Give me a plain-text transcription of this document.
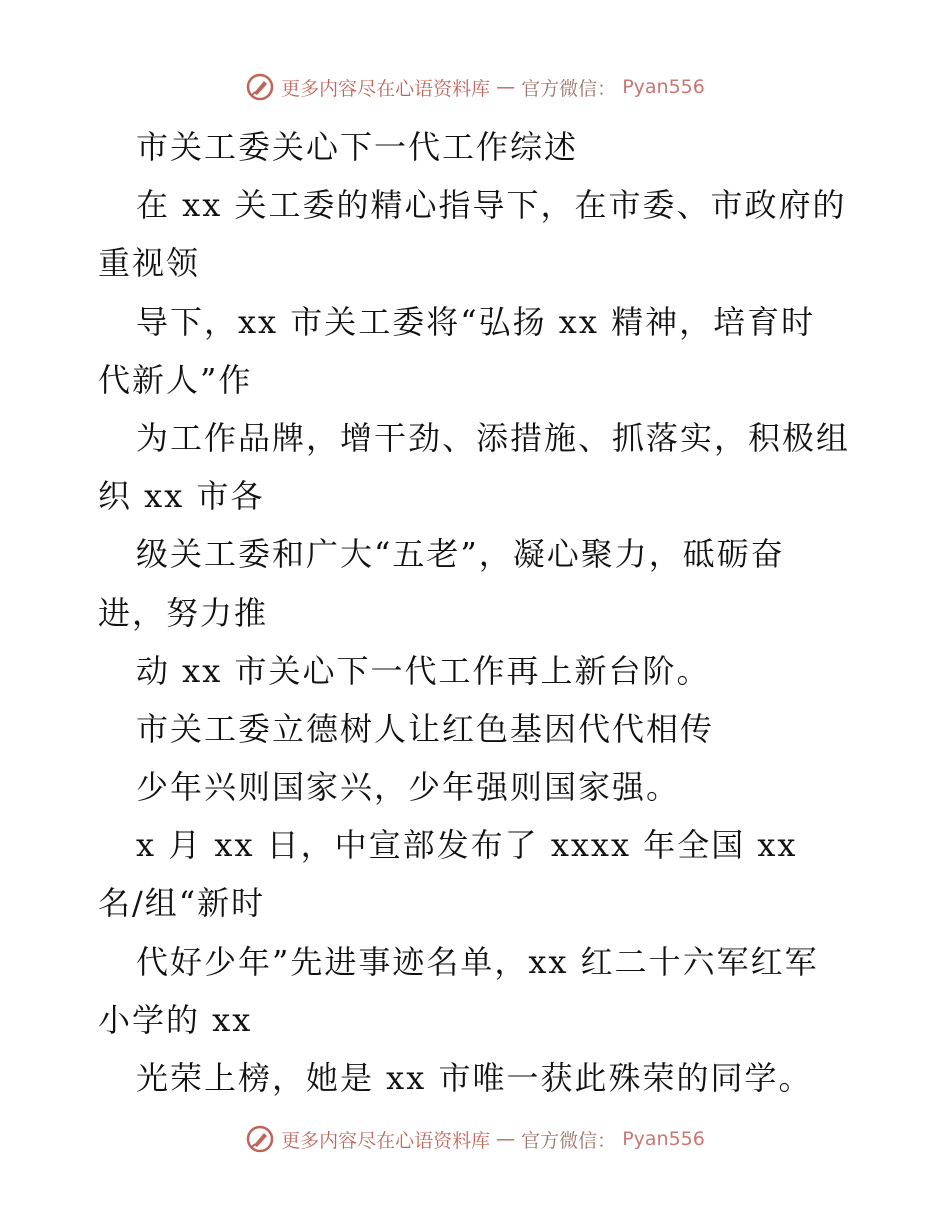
更多内容尽在心语资料库 — 官方微信： Pyan556
市关工委关心下一代工作综述
在 xx 关工委的精心指导下，在市委、市政府的
重视领
导下，xx 市关工委将“弘扬 xx 精神，培育时
代新人”作
为工作品牌，增干劲、添措施、抓落实，积极组
织 xx 市各
级关工委和广大“五老”，凝心聚力，砥砺奋
进，努力推
动 xx 市关心下一代工作再上新台阶。
市关工委立德树人让红色基因代代相传
少年兴则国家兴，少年强则国家强。
x 月 xx 日，中宣部发布了 xxxx 年全国 xx
名/组“新时
代好少年”先进事迹名单，xx 红二十六军红军
小学的 xx
光荣上榜，她是 xx 市唯一获此殊荣的同学。
更多内容尽在心语资料库 — 官方微信： Pyan556
